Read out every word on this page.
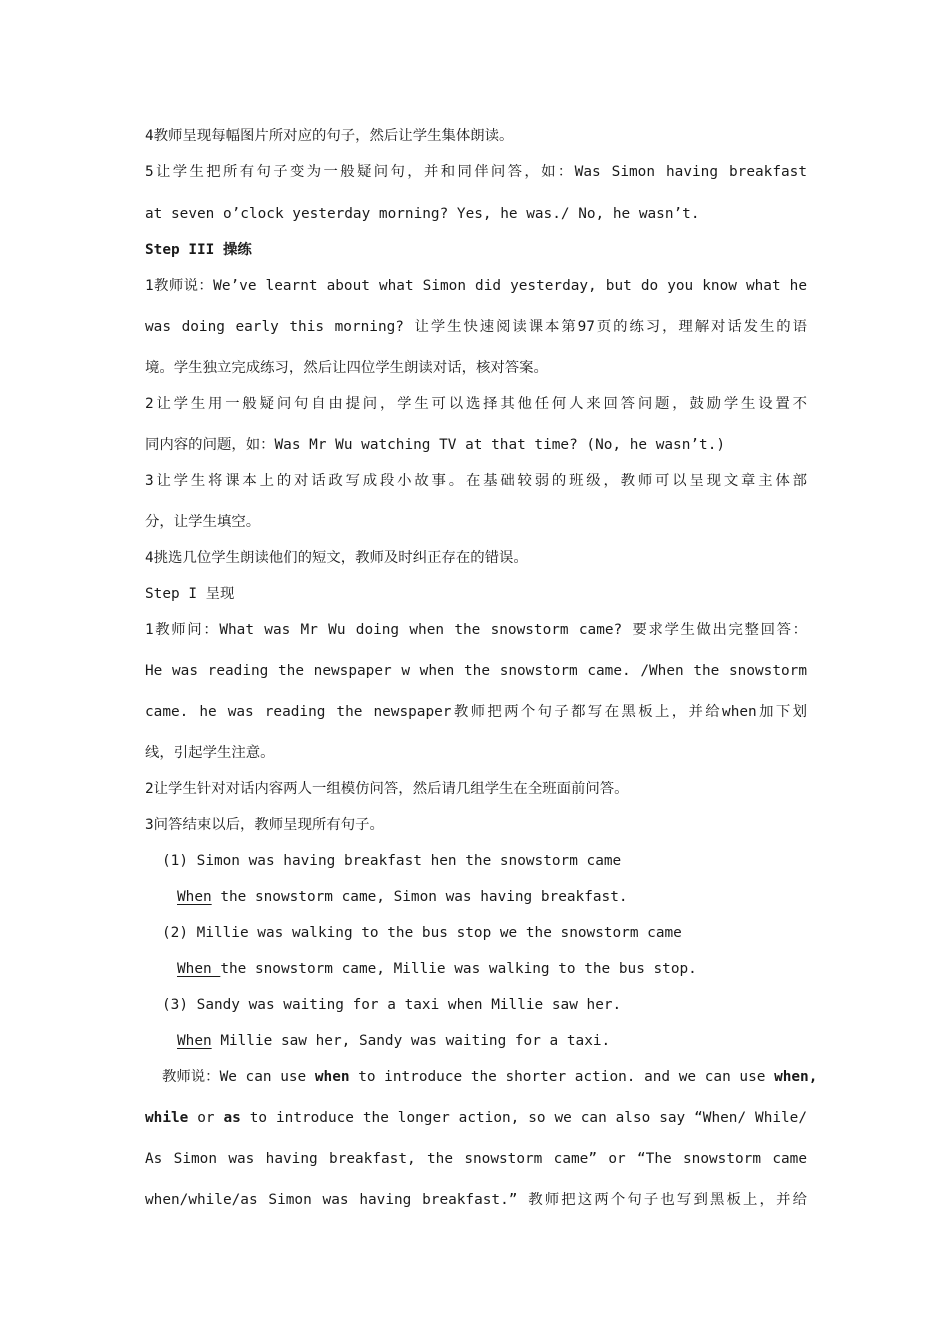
4教师呈现每幅图片所对应的句子，然后让学生集体朗读。

5让学生把所有句子变为一般疑问句，并和同伴问答，如：Was Simon having breakfast

at seven o’clock yesterday morning? Yes, he was./ No, he wasn’t.

Step III 操练

1教师说：We’ve learnt about what Simon did yesterday, but do you know what he

was doing early this morning? 让学生快速阅读课本第97页的练习，理解对话发生的语

境。学生独立完成练习，然后让四位学生朗读对话，核对答案。

2让学生用一般疑问句自由提问，学生可以选择其他任何人来回答问题，鼓励学生设置不

同内容的问题，如：Was Mr Wu watching TV at that time? (No, he wasn’t.)

3让学生将课本上的对话政写成段小故事。在基础较弱的班级，教师可以呈现文章主体部

分，让学生填空。

4挑选几位学生朗读他们的短文，教师及时纠正存在的错误。

Step I 呈现

1教师问：What was Mr Wu doing when the snowstorm came? 要求学生做出完整回答：

He was reading the newspaper w when the snowstorm came. /When the snowstorm

came. he was reading the newspaper教师把两个句子都写在黑板上，并给when加下划

线，引起学生注意。

2让学生针对对话内容两人一组模仿问答，然后请几组学生在全班面前问答。

3问答结束以后，教师呈现所有句子。

(1) Simon was having breakfast hen the snowstorm came

When the snowstorm came, Simon was having breakfast.

(2) Millie was walking to the bus stop we the snowstorm came

When the snowstorm came, Millie was walking to the bus stop.

(3) Sandy was waiting for a taxi when Millie saw her.

When Millie saw her, Sandy was waiting for a taxi.

教师说：We can use when to introduce the shorter action. and we can use when,

while or as to introduce the longer action, so we can also say “When/ While/

As Simon was having breakfast, the snowstorm came” or “The snowstorm came

when/while/as Simon was having breakfast.” 教师把这两个句子也写到黑板上，并给
